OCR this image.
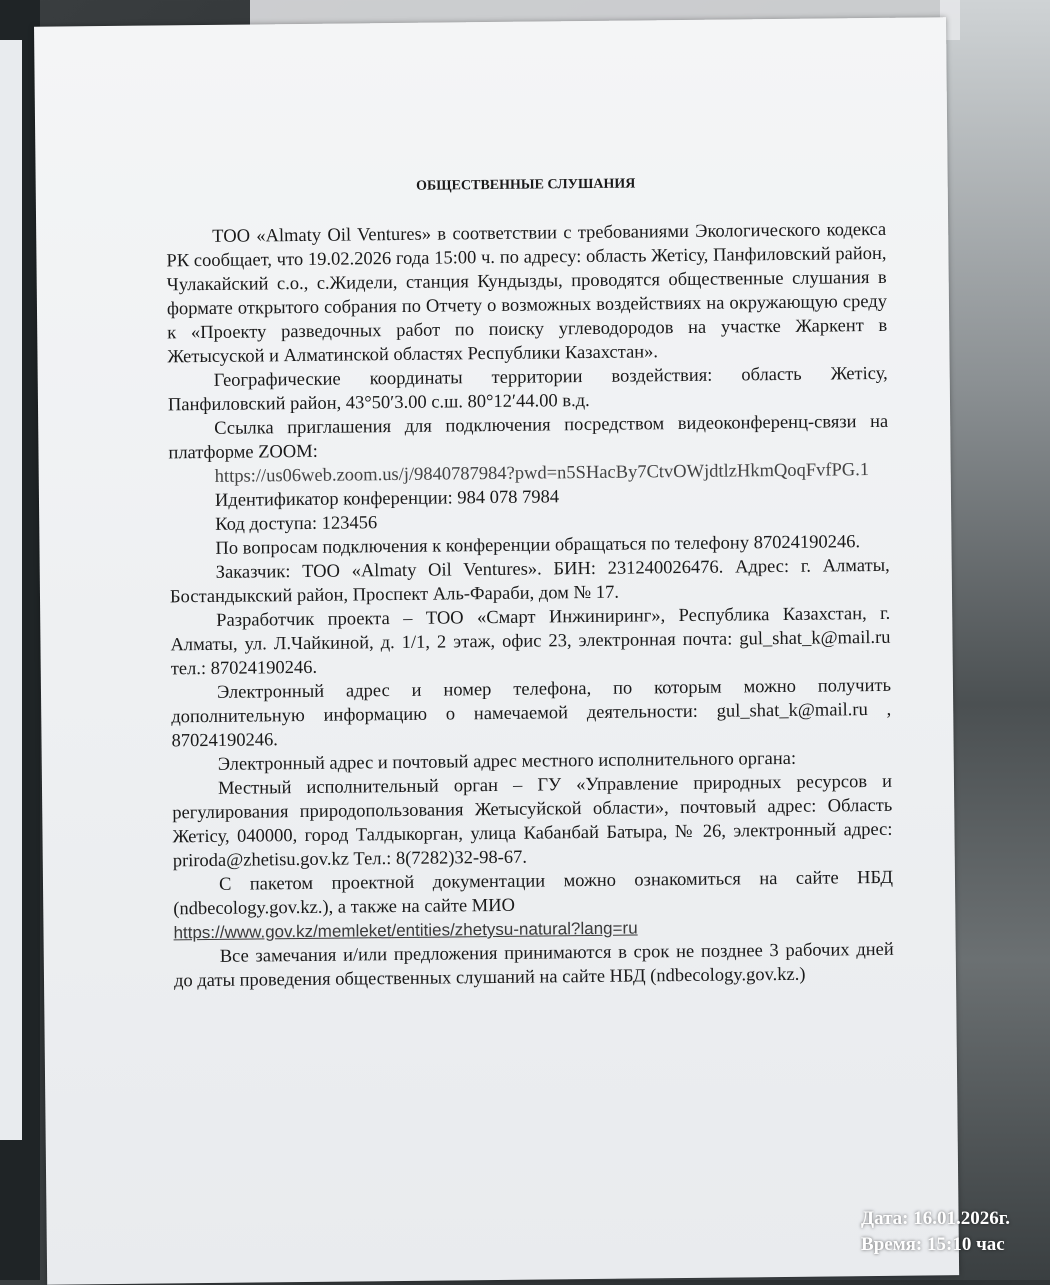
ОБЩЕСТВЕННЫЕ СЛУШАНИЯ

ТОО «Almaty Oil Ventures» в соответствии с требованиями Экологического кодекса РК сообщает, что 19.02.2026 года 15:00 ч. по адресу: область Жетісу, Панфиловский район, Чулакайский с.о., с.Жидели, станция Кундызды, проводятся общественные слушания в формате открытого собрания по Отчету о возможных воздействиях на окружающую среду к «Проекту разведочных работ по поиску углеводородов на участке Жаркент в Жетысуской и Алматинской областях Республики Казахстан».

Географические координаты территории воздействия: область Жетісу, Панфиловский район, 43°50′3.00 с.ш. 80°12′44.00 в.д.

Ссылка приглашения для подключения посредством видеоконференц-связи на платформе ZOOM:

https://us06web.zoom.us/j/9840787984?pwd=n5SHacBy7CtvOWjdtlzHkmQoqFvfPG.1

Идентификатор конференции: 984 078 7984

Код доступа: 123456

По вопросам подключения к конференции обращаться по телефону 87024190246.

Заказчик: ТОО «Almaty Oil Ventures». БИН: 231240026476. Адрес: г. Алматы, Бостандыкский район, Проспект Аль-Фараби, дом № 17.

Разработчик проекта – ТОО «Смарт Инжиниринг», Республика Казахстан, г. Алматы, ул. Л.Чайкиной, д. 1/1, 2 этаж, офис 23, электронная почта: gul_shat_k@mail.ru тел.: 87024190246.

Электронный адрес и номер телефона, по которым можно получить дополнительную информацию о намечаемой деятельности: gul_shat_k@mail.ru , 87024190246.

Электронный адрес и почтовый адрес местного исполнительного органа:

Местный исполнительный орган – ГУ «Управление природных ресурсов и регулирования природопользования Жетысуйской области», почтовый адрес: Область Жетісу, 040000, город Талдыкорган, улица Кабанбай Батыра, № 26, электронный адрес: priroda@zhetisu.gov.kz Тел.: 8(7282)32-98-67.

С пакетом проектной документации можно ознакомиться на сайте НБД (ndbecology.gov.kz.), а также на сайте МИО

https://www.gov.kz/memleket/entities/zhetysu-natural?lang=ru

Все замечания и/или предложения принимаются в срок не позднее 3 рабочих дней до даты проведения общественных слушаний на сайте НБД (ndbecology.gov.kz.)

Дата: 16.01.2026г.
Время: 15:10 час
